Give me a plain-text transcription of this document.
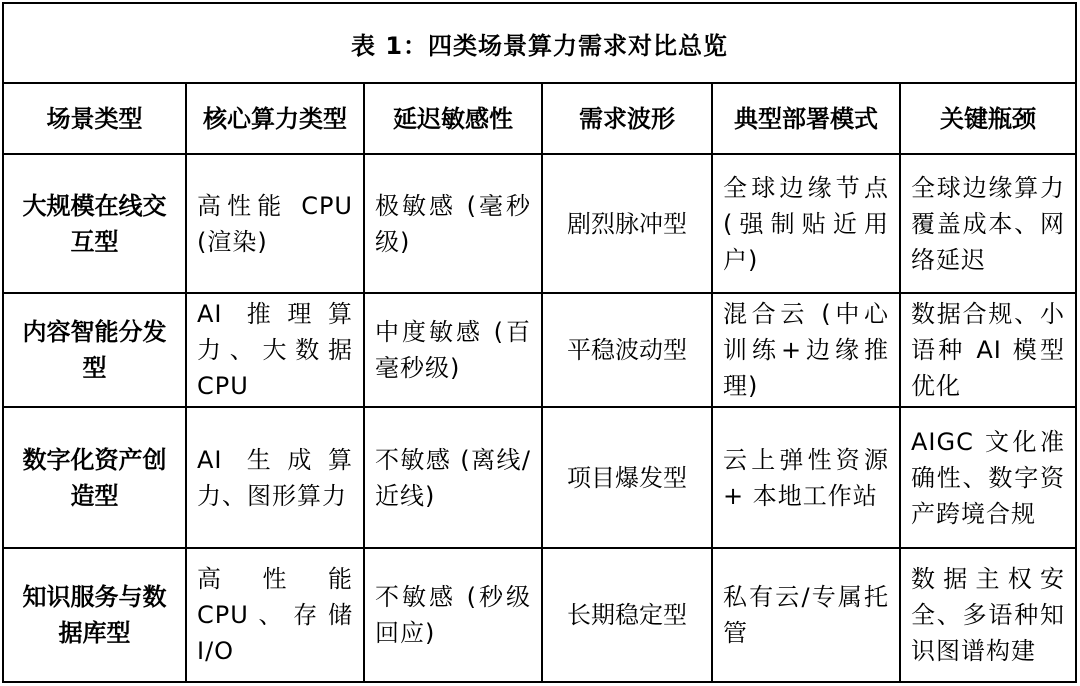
表 1：四类场景算力需求对比总览
场景类型	核心算力类型	延迟敏感性	需求波形	典型部署模式	关键瓶颈
大规模在线交互型	高性能 CPU (渲染)	极敏感 (毫秒级)	剧烈脉冲型	全球边缘节点 (强制贴近用户)	全球边缘算力覆盖成本、网络延迟
内容智能分发型	AI 推理算力、大数据 CPU	中度敏感 (百毫秒级)	平稳波动型	混合云 (中心训练+边缘推理)	数据合规、小语种 AI 模型优化
数字化资产创造型	AI 生成算力、图形算力	不敏感 (离线/近线)	项目爆发型	云上弹性资源 + 本地工作站	AIGC 文化准确性、数字资产跨境合规
知识服务与数据库型	高性能 CPU、存储 I/O	不敏感 (秒级回应)	长期稳定型	私有云/专属托管	数据主权安全、多语种知识图谱构建
